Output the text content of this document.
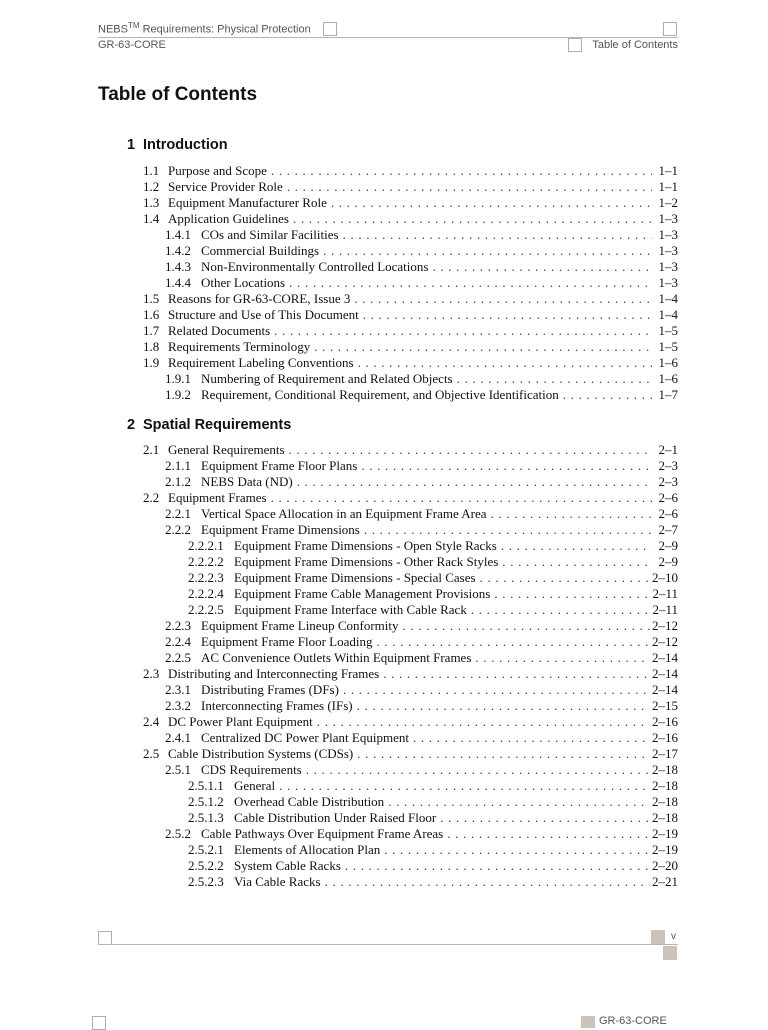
NEBS™ Requirements: Physical Protection
GR-63-CORE	Table of Contents
Table of Contents
1 Introduction
1.1 Purpose and Scope . . .	1–1
1.2 Service Provider Role . . .	1–1
1.3 Equipment Manufacturer Role . . .	1–2
1.4 Application Guidelines . . .	1–3
1.4.1 COs and Similar Facilities . . .	1–3
1.4.2 Commercial Buildings . . .	1–3
1.4.3 Non-Environmentally Controlled Locations . . .	1–3
1.4.4 Other Locations . . .	1–3
1.5 Reasons for GR-63-CORE, Issue 3 . . .	1–4
1.6 Structure and Use of This Document . . .	1–4
1.7 Related Documents . . .	1–5
1.8 Requirements Terminology . . .	1–5
1.9 Requirement Labeling Conventions . . .	1–6
1.9.1 Numbering of Requirement and Related Objects . . .	1–6
1.9.2 Requirement, Conditional Requirement, and Objective Identification . . .	1–7
2 Spatial Requirements
2.1 General Requirements . . .	2–1
2.1.1 Equipment Frame Floor Plans . . .	2–3
2.1.2 NEBS Data (ND) . . .	2–3
2.2 Equipment Frames . . .	2–6
2.2.1 Vertical Space Allocation in an Equipment Frame Area . . .	2–6
2.2.2 Equipment Frame Dimensions . . .	2–7
2.2.2.1 Equipment Frame Dimensions - Open Style Racks . . .	2–9
2.2.2.2 Equipment Frame Dimensions - Other Rack Styles . . .	2–9
2.2.2.3 Equipment Frame Dimensions - Special Cases . . .	2–10
2.2.2.4 Equipment Frame Cable Management Provisions . . .	2–11
2.2.2.5 Equipment Frame Interface with Cable Rack . . .	2–11
2.2.3 Equipment Frame Lineup Conformity . . .	2–12
2.2.4 Equipment Frame Floor Loading . . .	2–12
2.2.5 AC Convenience Outlets Within Equipment Frames . . .	2–14
2.3 Distributing and Interconnecting Frames . . .	2–14
2.3.1 Distributing Frames (DFs) . . .	2–14
2.3.2 Interconnecting Frames (IFs) . . .	2–15
2.4 DC Power Plant Equipment . . .	2–16
2.4.1 Centralized DC Power Plant Equipment . . .	2–16
2.5 Cable Distribution Systems (CDSs) . . .	2–17
2.5.1 CDS Requirements . . .	2–18
2.5.1.1 General . . .	2–18
2.5.1.2 Overhead Cable Distribution . . .	2–18
2.5.1.3 Cable Distribution Under Raised Floor . . .	2–18
2.5.2 Cable Pathways Over Equipment Frame Areas . . .	2–19
2.5.2.1 Elements of Allocation Plan . . .	2–19
2.5.2.2 System Cable Racks . . .	2–20
2.5.2.3 Via Cable Racks . . .	2–21
v
GR-63-CORE
